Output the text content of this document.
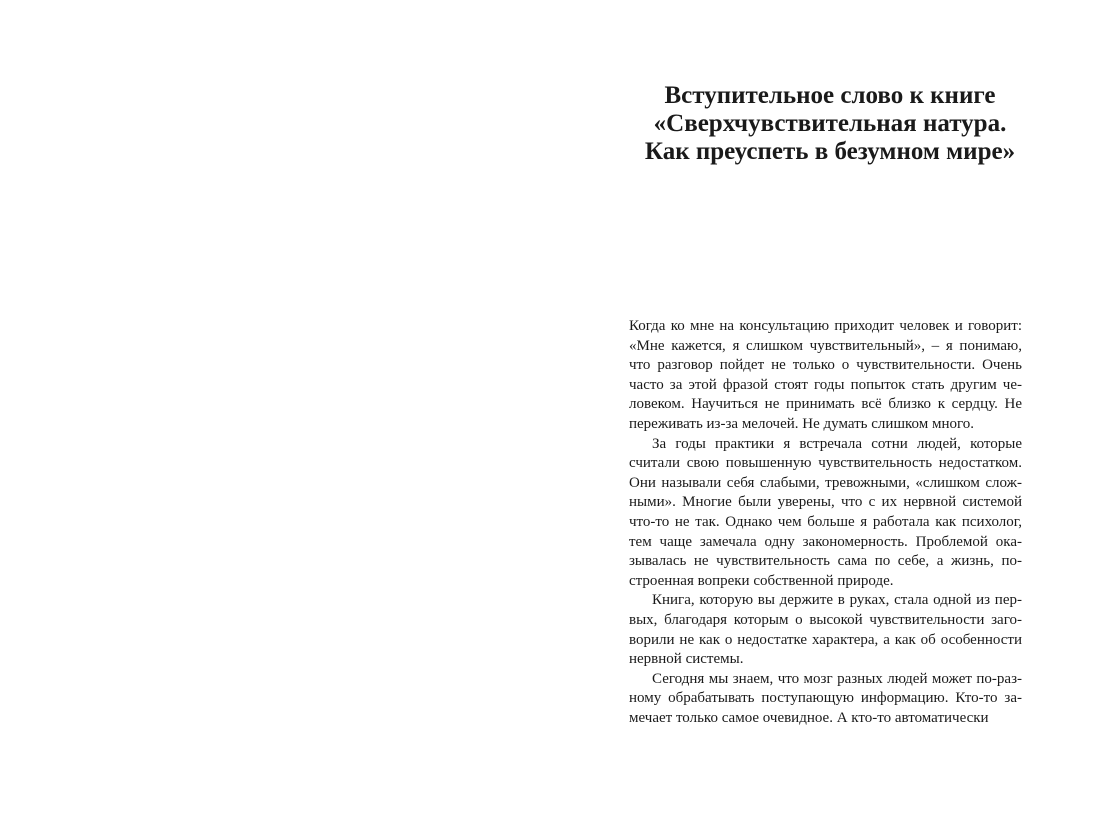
Вступительное слово к книге
«Сверхчувствительная натура.
Как преуспеть в безумном мире»

Когда ко мне на консультацию приходит человек и говорит: «Мне кажется, я слишком чувствительный», – я понимаю, что разговор пойдет не только о чувствительности. Очень часто за этой фразой стоят годы попыток стать другим человеком. Научиться не принимать всё близко к сердцу. Не переживать из-за мелочей. Не думать слишком много.

За годы практики я встречала сотни людей, которые считали свою повышенную чувствительность недостатком. Они называли себя слабыми, тревожными, «слишком сложными». Многие были уверены, что с их нервной системой что-то не так. Однако чем больше я работала как психолог, тем чаще замечала одну закономерность. Проблемой оказывалась не чувствительность сама по себе, а жизнь, построенная вопреки собственной природе.

Книга, которую вы держите в руках, стала одной из первых, благодаря которым о высокой чувствительности заговорили не как о недостатке характера, а как об особенности нервной системы.

Сегодня мы знаем, что мозг разных людей может по-разному обрабатывать поступающую информацию. Кто-то замечает только самое очевидное. А кто-то автоматически
